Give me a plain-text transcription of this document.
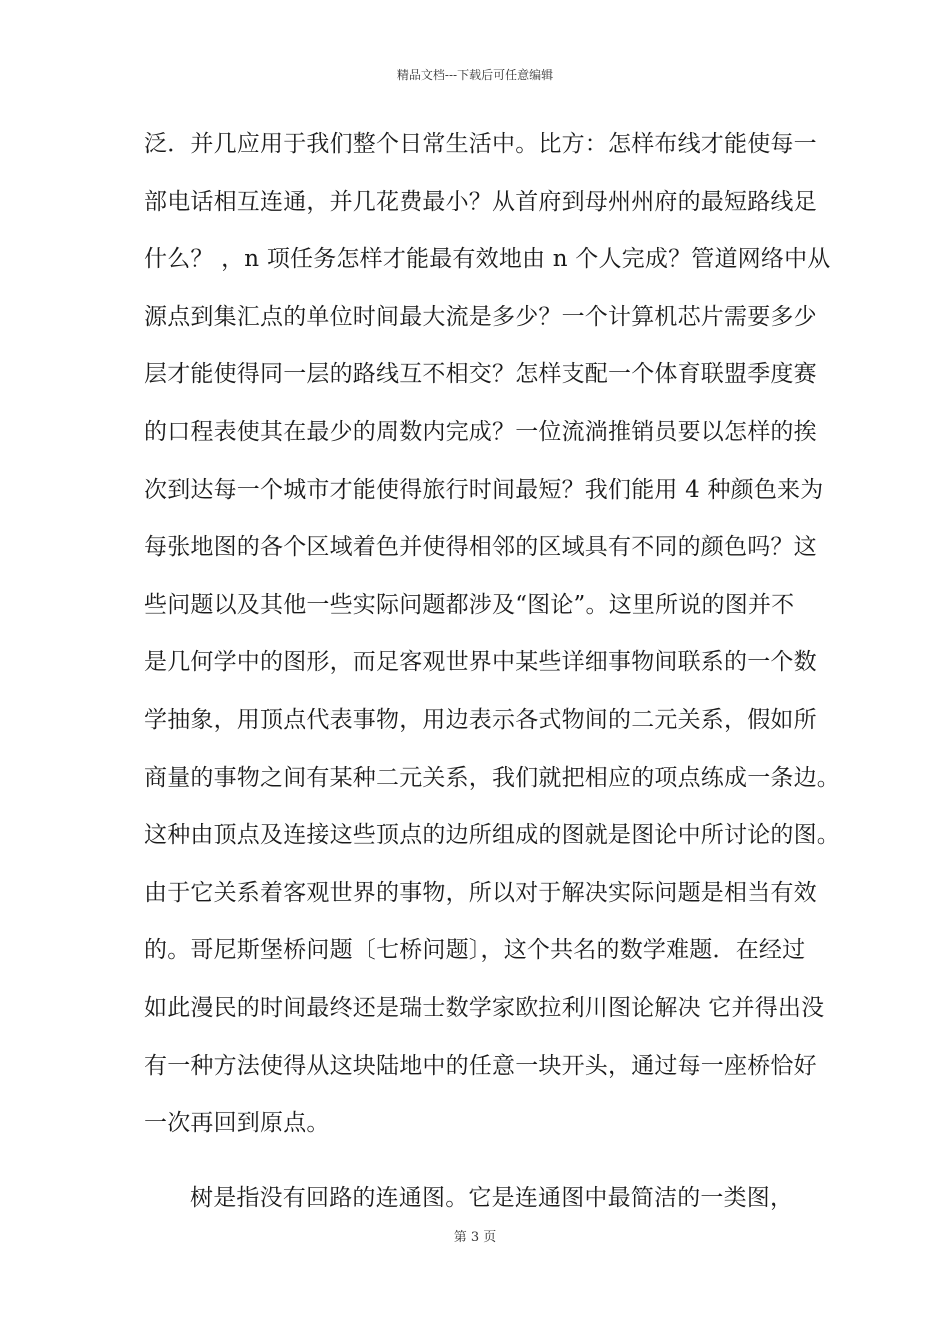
精品文档---下载后可任意编辑
泛．并几应用于我们整个日常生活中。比方：怎样布线才能使每一
部电话相互连通，并几花费最小？从首府到母州州府的最短路线足
什么？ ，n 项任务怎样才能最有效地由 n 个人完成？管道网络中从
源点到集汇点的单位时间最大流是多少？一个计算机芯片需要多少
层才能使得同一层的路线互不相交？怎样支配一个体育联盟季度赛
的口程表使其在最少的周数内完成？一位流淌推销员要以怎样的挨
次到达每一个城市才能使得旅行时间最短？我们能用 4 种颜色来为
每张地图的各个区域着色并使得相邻的区域具有不同的颜色吗？这
些问题以及其他一些实际问题都涉及“图论”。这里所说的图并不
是几何学中的图形，而足客观世界中某些详细事物间联系的一个数
学抽象，用顶点代表事物，用边表示各式物间的二元关系，假如所
商量的事物之间有某种二元关系，我们就把相应的项点练成一条边。
这种由顶点及连接这些顶点的边所组成的图就是图论中所讨论的图。
由于它关系着客观世界的事物，所以对于解决实际问题是相当有效
的。哥尼斯堡桥问题〔七桥问题〕，这个共名的数学难题．在经过
如此漫民的时间最终还是瑞士数学家欧拉利川图论解决 它并得出没
有一种方法使得从这块陆地中的任意一块开头，通过每一座桥恰好
一次再回到原点。
树是指没有回路的连通图。它是连通图中最简洁的一类图，
第 3 页
